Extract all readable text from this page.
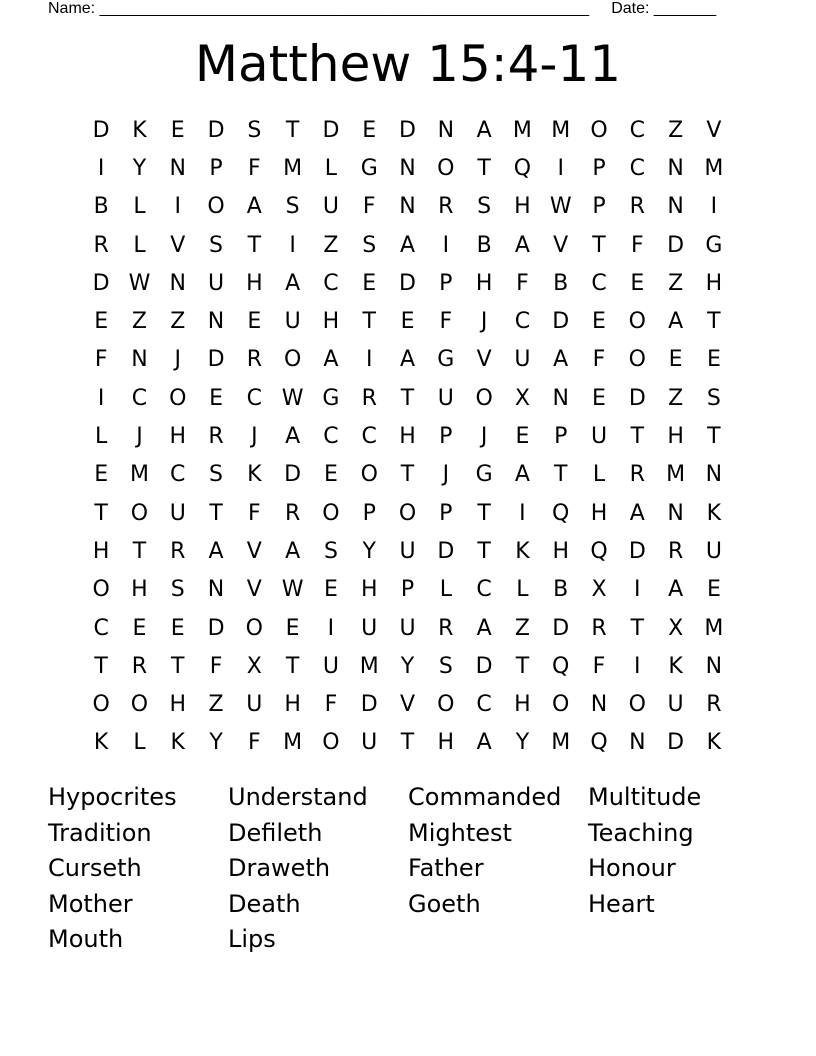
Name: _______________________________________________________     Date: _______
Matthew 15:4-11
D	K	E	D	S	T	D	E	D N	A M M O C	Z	V
I	Y	N	P	F	M	L	G N O	T	Q	I	P	C	N M
B	L	I	O	A	S	U	F	N	R	S	H W P	R	N	I
R	L	V	S	T	I	Z	S	A	I	B	A	V	T	F	D G
D W N	U H	A	C	E	D	P	H	F	B	C	E	Z	H
E	Z	Z	N	E	U H	T	E	F	J	C	D	E	O	A	T
F	N	J	D	R O	A	I	A	G	V	U	A	F	O	E	E
I	C O	E	C W G	R	T	U O	X	N	E	D	Z	S
L	J	H	R	J	A	C	C	H	P	J	E	P	U	T	H	T
E M C	S	K	D	E	O	T	J	G	A	T	L	R M N
T	O U	T	F	R O	P	O	P	T	I	Q H	A	N	K
H	T	R	A	V	A	S	Y	U D	T	K	H Q D	R	U
O H	S	N	V W E	H	P	L	C	L	B	X	I	A	E
C	E	E	D O	E	I	U	U	R	A	Z	D	R	T	X M
T	R	T	F	X	T	U M	Y	S	D	T	Q	F	I	K	N
O O H	Z	U H	F	D	V	O C	H O N O U	R
K	L	K	Y	F	M O U	T	H	A	Y	M Q N D	K
Hypocrites	Understand	Commanded	Multitude
Tradition	Defileth	Mightest	Teaching
Curseth	Draweth	Father	Honour
Mother	Death	Goeth	Heart
Mouth	Lips
